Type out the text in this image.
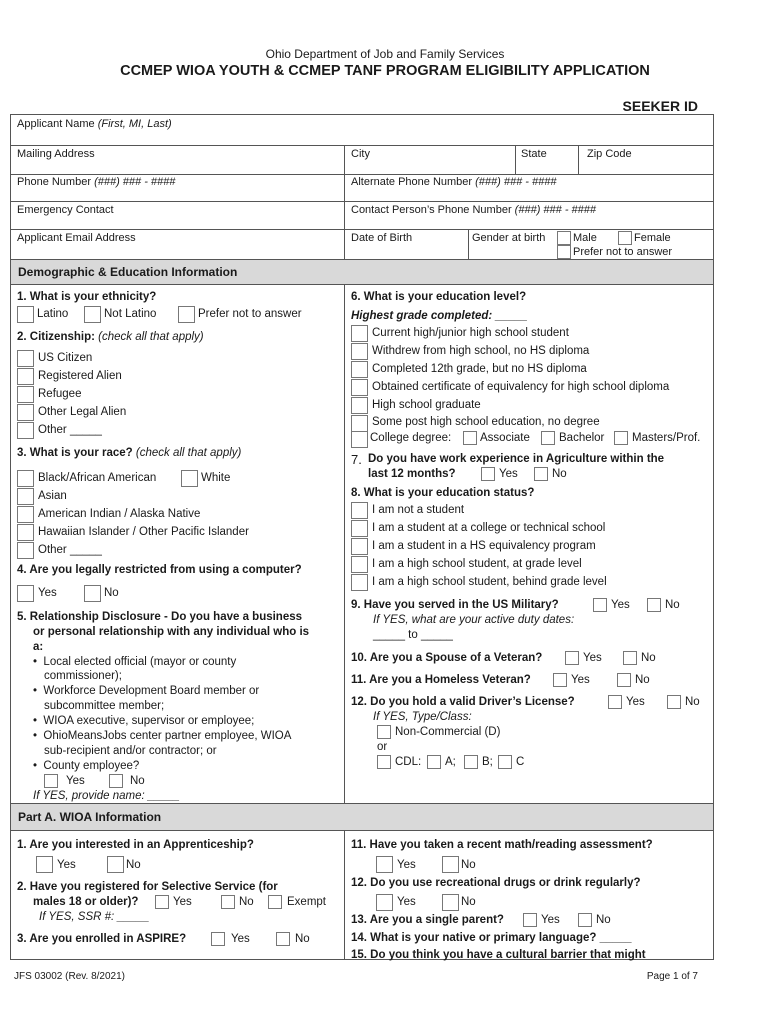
Ohio Department of Job and Family Services
CCMEP WIOA YOUTH & CCMEP TANF PROGRAM ELIGIBILITY APPLICATION
SEEKER ID
Applicant Name (First, MI, Last)
Mailing Address	City	State	Zip Code
Phone Number (###) ### - ####	Alternate Phone Number (###) ### - ####
Emergency Contact	Contact Person’s Phone Number (###) ### - ####
Applicant Email Address	Date of Birth	Gender at birth	Male	Female
Prefer not to answer
Demographic & Education Information
1. What is your ethnicity?
Latino	Not Latino	Prefer not to answer
2. Citizenship: (check all that apply)
US Citizen
Registered Alien
Refugee
Other Legal Alien
Other _____
3. What is your race? (check all that apply)
Black/African American	White
Asian
American Indian / Alaska Native
Hawaiian Islander / Other Pacific Islander
Other _____
4. Are you legally restricted from using a computer?
Yes	No
5. Relationship Disclosure - Do you have a business
or personal relationship with any individual who is
a:
•  Local elected official (mayor or county
commissioner);
•  Workforce Development Board member or
subcommittee member;
•  WIOA executive, supervisor or employee;
•  OhioMeansJobs center partner employee, WIOA
sub-recipient and/or contractor; or
•  County employee?
Yes	No
If YES, provide name: _____
6. What is your education level?
Highest grade completed: _____
Current high/junior high school student
Withdrew from high school, no HS diploma
Completed 12th grade, but no HS diploma
Obtained certificate of equivalency for high school diploma
High school graduate
Some post high school education, no degree
College degree:	Associate	Bachelor Masters/Prof.
7. Do you have work experience in Agriculture within the
last 12 months?	Yes	No
8. What is your education status?
I am not a student
I am a student at a college or technical school
I am a student in a HS equivalency program
I am a high school student, at grade level
I am a high school student, behind grade level
9. Have you served in the US Military?	Yes	No
If YES, what are your active duty dates:
_____ to _____
10. Are you a Spouse of a Veteran?	Yes	No
11. Are you a Homeless Veteran?	Yes	No
12. Do you hold a valid Driver’s License?	Yes	No
If YES, Type/Class:
Non-Commercial (D)
or
CDL: A; B; C
Part A. WIOA Information
1. Are you interested in an Apprenticeship?
Yes	No
2. Have you registered for Selective Service (for
males 18 or older)?	Yes	No	Exempt
If YES, SSR #: _____
3. Are you enrolled in ASPIRE?	Yes	No
11. Have you taken a recent math/reading assessment?
Yes	No
12. Do you use recreational drugs or drink regularly?
Yes	No
13. Are you a single parent?	Yes	No
14. What is your native or primary language? _____
15. Do you think you have a cultural barrier that might
JFS 03002 (Rev. 8/2021)	Page 1 of 7
